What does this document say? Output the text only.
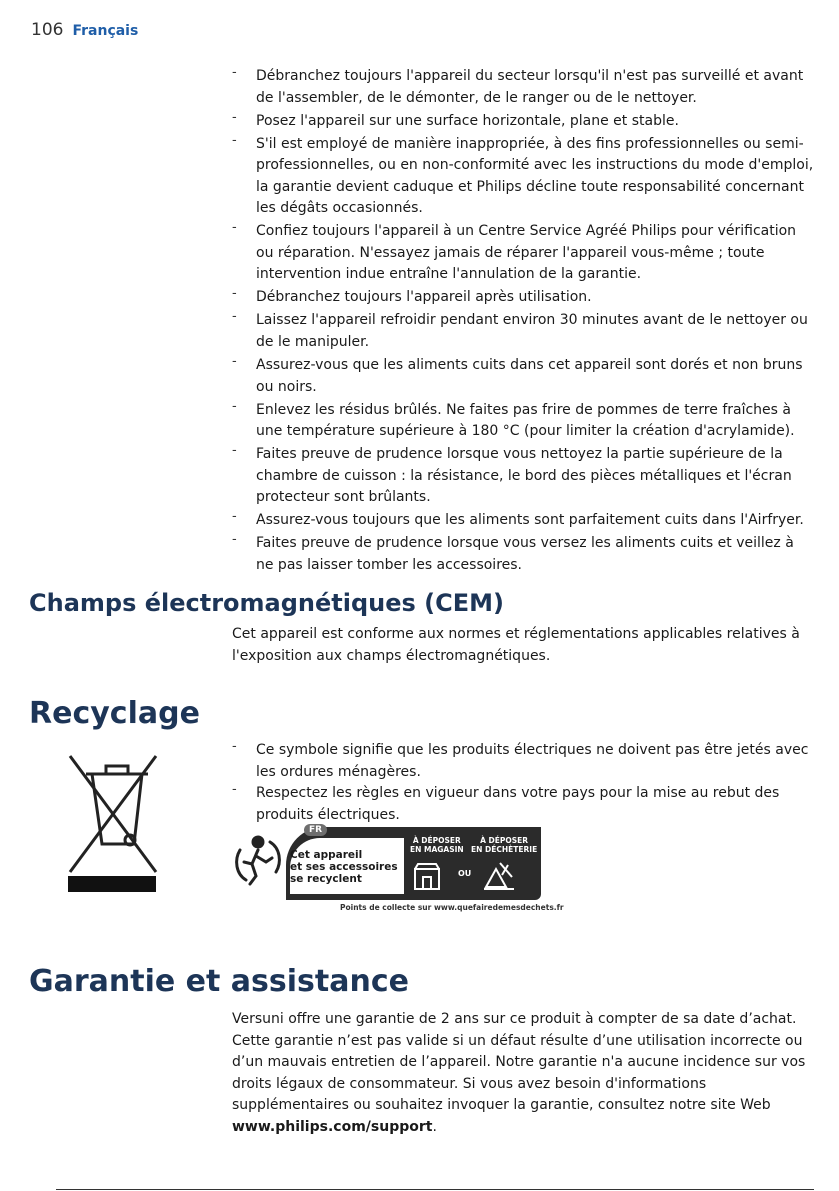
106 Français
- Débranchez toujours l'appareil du secteur lorsqu'il n'est pas surveillé et avant de l'assembler, de le démonter, de le ranger ou de le nettoyer.
- Posez l'appareil sur une surface horizontale, plane et stable.
- S'il est employé de manière inappropriée, à des fins professionnelles ou semi-professionnelles, ou en non-conformité avec les instructions du mode d'emploi, la garantie devient caduque et Philips décline toute responsabilité concernant les dégâts occasionnés.
- Confiez toujours l'appareil à un Centre Service Agréé Philips pour vérification ou réparation. N'essayez jamais de réparer l'appareil vous-même ; toute intervention indue entraîne l'annulation de la garantie.
- Débranchez toujours l'appareil après utilisation.
- Laissez l'appareil refroidir pendant environ 30 minutes avant de le nettoyer ou de le manipuler.
- Assurez-vous que les aliments cuits dans cet appareil sont dorés et non bruns ou noirs.
- Enlevez les résidus brûlés. Ne faites pas frire de pommes de terre fraîches à une température supérieure à 180 °C (pour limiter la création d'acrylamide).
- Faites preuve de prudence lorsque vous nettoyez la partie supérieure de la chambre de cuisson : la résistance, le bord des pièces métalliques et l'écran protecteur sont brûlants.
- Assurez-vous toujours que les aliments sont parfaitement cuits dans l'Airfryer.
- Faites preuve de prudence lorsque vous versez les aliments cuits et veillez à ne pas laisser tomber les accessoires.
Champs électromagnétiques (CEM)

Cet appareil est conforme aux normes et réglementations applicables relatives à l'exposition aux champs électromagnétiques.

Recyclage
- Ce symbole signifie que les produits électriques ne doivent pas être jetés avec les ordures ménagères.
- Respectez les règles en vigueur dans votre pays pour la mise au rebut des produits électriques.
FR
Cet appareil
et ses accessoires
se recyclent
À DÉPOSER
EN MAGASIN
OU
À DÉPOSER
EN DÉCHÈTERIE
Points de collecte sur www.quefairedemesdechets.fr
Garantie et assistance

Versuni offre une garantie de 2 ans sur ce produit à compter de sa date d’achat. Cette garantie n’est pas valide si un défaut résulte d’une utilisation incorrecte ou d’un mauvais entretien de l’appareil. Notre garantie n'a aucune incidence sur vos droits légaux de consommateur. Si vous avez besoin d'informations supplémentaires ou souhaitez invoquer la garantie, consultez notre site Web www.philips.com/support.
